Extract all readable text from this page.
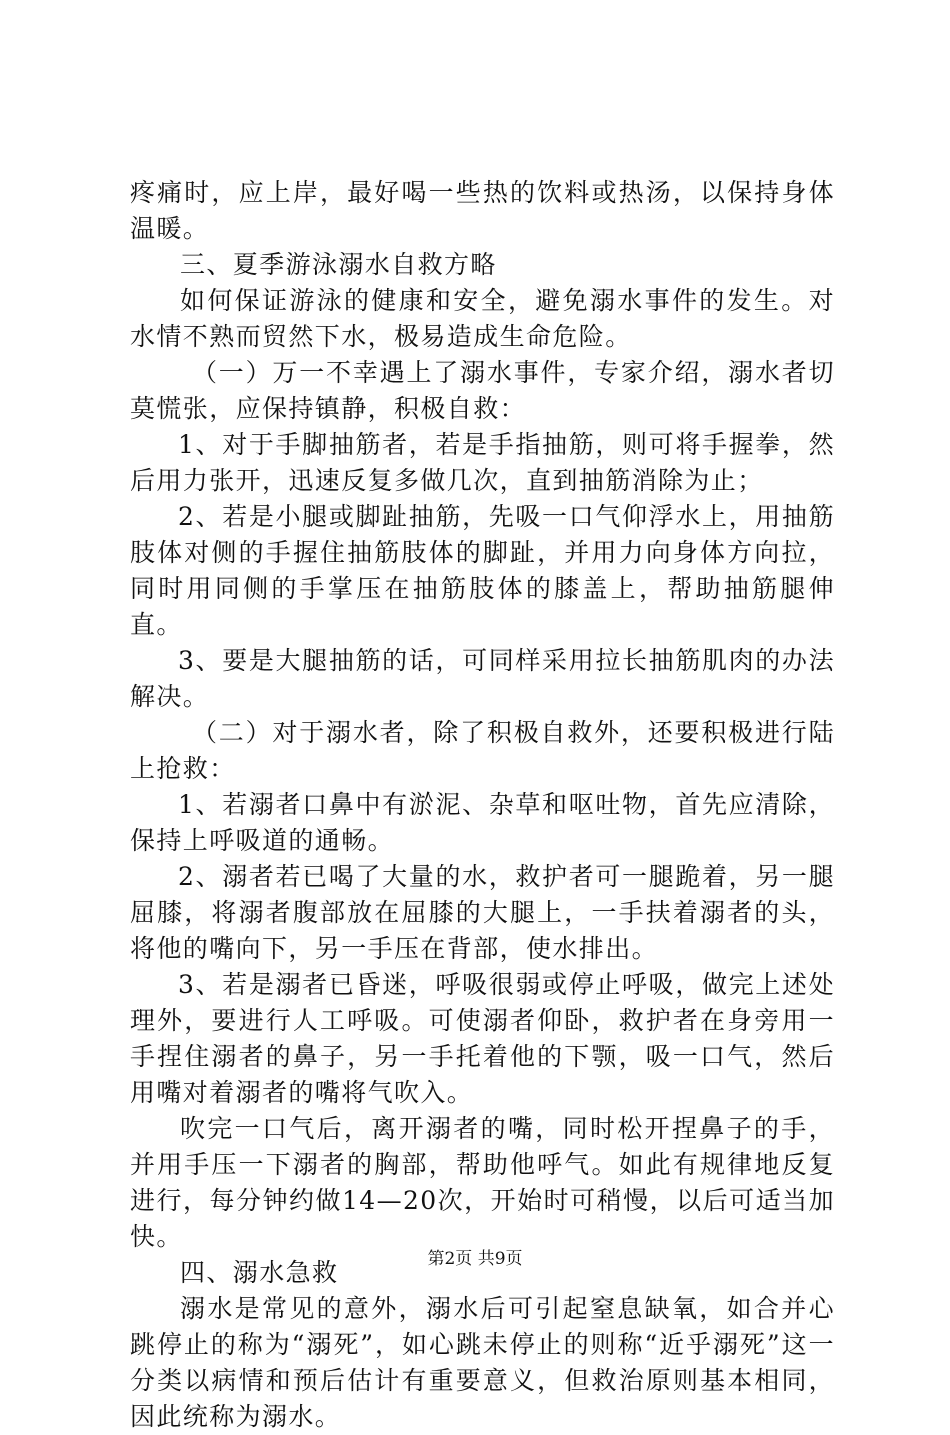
疼痛时，应上岸，最好喝一些热的饮料或热汤，以保持身体温暖。

三、夏季游泳溺水自救方略

如何保证游泳的健康和安全，避免溺水事件的发生。对水情不熟而贸然下水，极易造成生命危险。

（一）万一不幸遇上了溺水事件，专家介绍，溺水者切莫慌张，应保持镇静，积极自救：

1、对于手脚抽筋者，若是手指抽筋，则可将手握拳，然后用力张开，迅速反复多做几次，直到抽筋消除为止；

2、若是小腿或脚趾抽筋，先吸一口气仰浮水上，用抽筋肢体对侧的手握住抽筋肢体的脚趾，并用力向身体方向拉，同时用同侧的手掌压在抽筋肢体的膝盖上，帮助抽筋腿伸直。

3、要是大腿抽筋的话，可同样采用拉长抽筋肌肉的办法解决。

（二）对于溺水者，除了积极自救外，还要积极进行陆上抢救：

1、若溺者口鼻中有淤泥、杂草和呕吐物，首先应清除，保持上呼吸道的通畅。

2、溺者若已喝了大量的水，救护者可一腿跪着，另一腿屈膝，将溺者腹部放在屈膝的大腿上，一手扶着溺者的头，将他的嘴向下，另一手压在背部，使水排出。

3、若是溺者已昏迷，呼吸很弱或停止呼吸，做完上述处理外，要进行人工呼吸。可使溺者仰卧，救护者在身旁用一手捏住溺者的鼻子，另一手托着他的下颚，吸一口气，然后用嘴对着溺者的嘴将气吹入。

吹完一口气后，离开溺者的嘴，同时松开捏鼻子的手，并用手压一下溺者的胸部，帮助他呼气。如此有规律地反复进行，每分钟约做14—20次，开始时可稍慢，以后可适当加快。

四、溺水急救

溺水是常见的意外，溺水后可引起窒息缺氧，如合并心跳停止的称为“溺死”，如心跳未停止的则称“近乎溺死”这一分类以病情和预后估计有重要意义，但救治原则基本相同，因此统称为溺水。

第2页 共9页
